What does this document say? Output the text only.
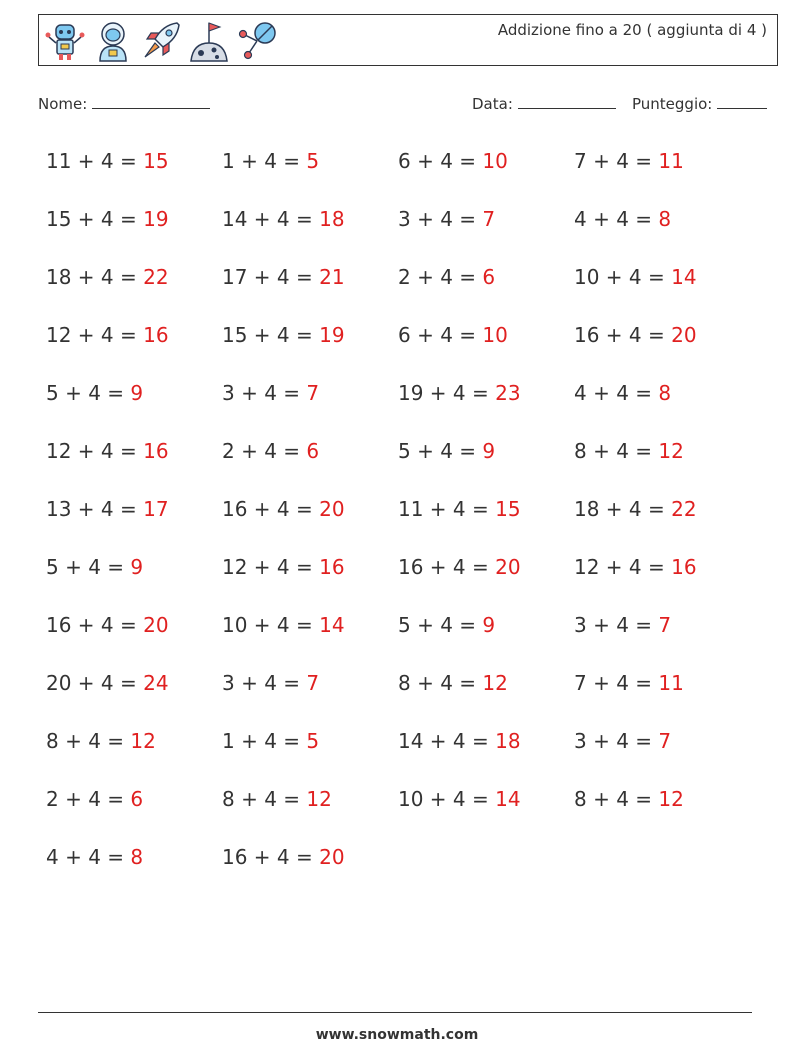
Addizione fino a 20 ( aggiunta di 4 )
Nome:	Data:	Punteggio:
11 + 4 = 15	1 + 4 = 5	6 + 4 = 10	7 + 4 = 11
15 + 4 = 19	14 + 4 = 18	3 + 4 = 7	4 + 4 = 8
18 + 4 = 22	17 + 4 = 21	2 + 4 = 6	10 + 4 = 14
12 + 4 = 16	15 + 4 = 19	6 + 4 = 10	16 + 4 = 20
5 + 4 = 9	3 + 4 = 7	19 + 4 = 23	4 + 4 = 8
12 + 4 = 16	2 + 4 = 6	5 + 4 = 9	8 + 4 = 12
13 + 4 = 17	16 + 4 = 20	11 + 4 = 15	18 + 4 = 22
5 + 4 = 9	12 + 4 = 16	16 + 4 = 20	12 + 4 = 16
16 + 4 = 20	10 + 4 = 14	5 + 4 = 9	3 + 4 = 7
20 + 4 = 24	3 + 4 = 7	8 + 4 = 12	7 + 4 = 11
8 + 4 = 12	1 + 4 = 5	14 + 4 = 18	3 + 4 = 7
2 + 4 = 6	8 + 4 = 12	10 + 4 = 14	8 + 4 = 12
4 + 4 = 8	16 + 4 = 20
www.snowmath.com
